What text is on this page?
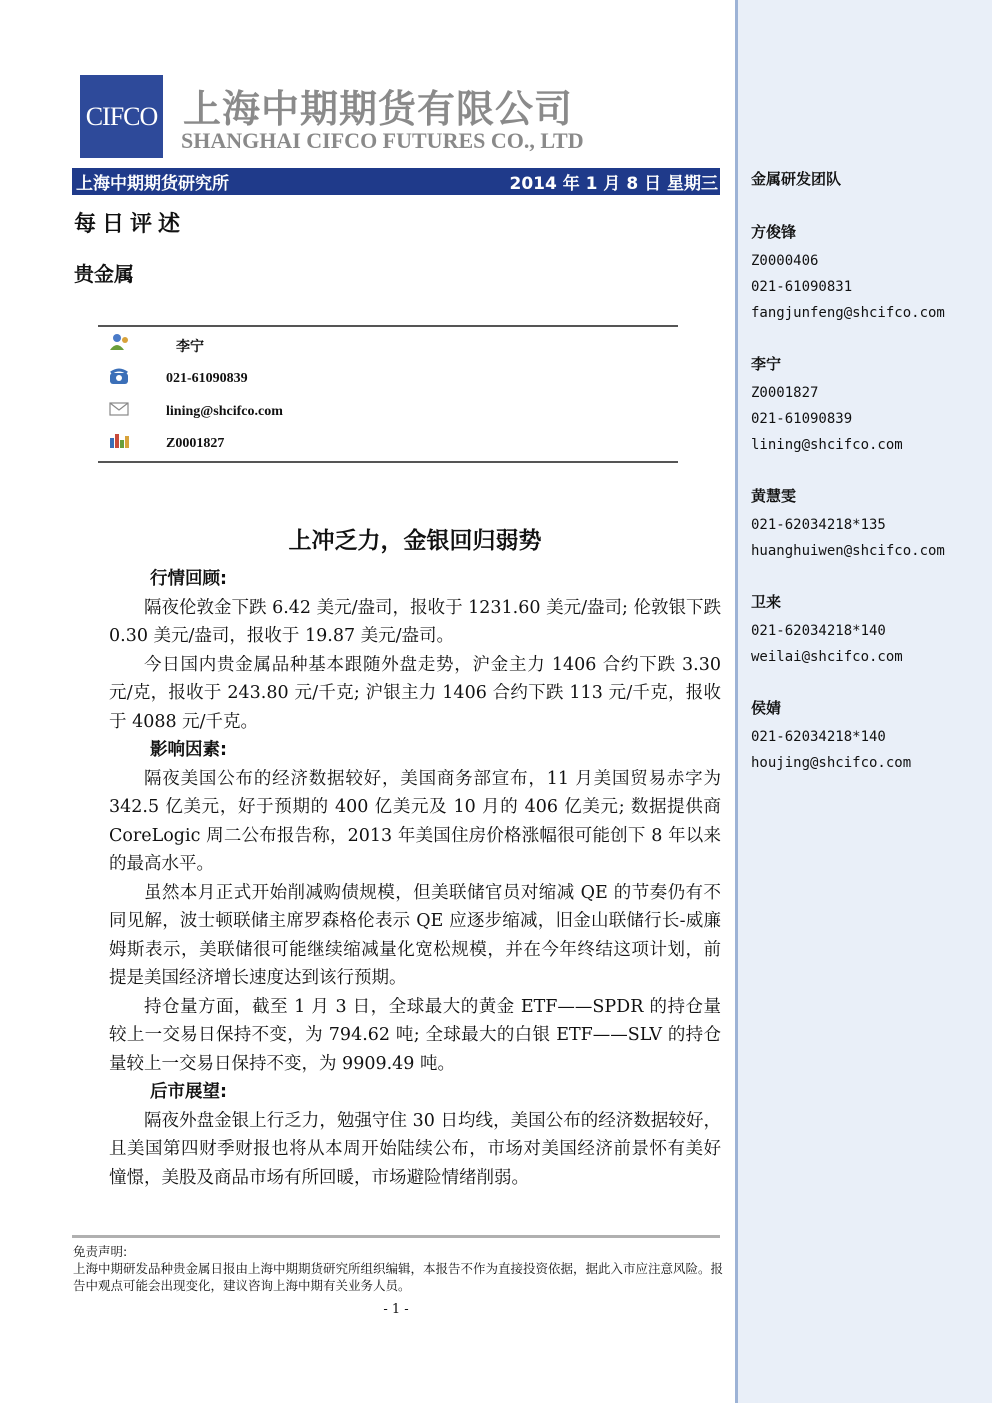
CIFCO 上海中期期货有限公司
SHANGHAI CIFCO FUTURES CO., LTD
上海中期期货研究所	2014 年 1 月 8 日 星期三
每日评述
贵金属
李宁
021-61090839
lining@shcifco.com
Z0001827
上冲乏力，金银回归弱势
行情回顾:

隔夜伦敦金下跌 6.42 美元/盎司，报收于 1231.60 美元/盎司; 伦敦银下跌 0.30 美元/盎司，报收于 19.87 美元/盎司。

今日国内贵金属品种基本跟随外盘走势，沪金主力 1406 合约下跌 3.30 元/克，报收于 243.80 元/千克; 沪银主力 1406 合约下跌 113 元/千克，报收于 4088 元/千克。

影响因素:

隔夜美国公布的经济数据较好，美国商务部宣布，11 月美国贸易赤字为 342.5 亿美元，好于预期的 400 亿美元及 10 月的 406 亿美元; 数据提供商 CoreLogic 周二公布报告称，2013 年美国住房价格涨幅很可能创下 8 年以来的最高水平。

虽然本月正式开始削减购债规模，但美联储官员对缩减 QE 的节奏仍有不同见解，波士顿联储主席罗森格伦表示 QE 应逐步缩减，旧金山联储行长-威廉姆斯表示，美联储很可能继续缩减量化宽松规模，并在今年终结这项计划，前提是美国经济增长速度达到该行预期。

持仓量方面，截至 1 月 3 日，全球最大的黄金 ETF——SPDR 的持仓量较上一交易日保持不变，为 794.62 吨; 全球最大的白银 ETF——SLV 的持仓量较上一交易日保持不变，为 9909.49 吨。

后市展望:

隔夜外盘金银上行乏力，勉强守住 30 日均线，美国公布的经济数据较好，且美国第四财季财报也将从本周开始陆续公布，市场对美国经济前景怀有美好憧憬，美股及商品市场有所回暖，市场避险情绪削弱。

免责声明:
上海中期研发品种贵金属日报由上海中期期货研究所组织编辑，本报告不作为直接投资依据，据此入市应注意风险。报告中观点可能会出现变化，建议咨询上海中期有关业务人员。
- 1 -
金属研发团队
方俊锋
Z0000406
021-61090831
fangjunfeng@shcifco.com
李宁
Z0001827
021-61090839
lining@shcifco.com
黄慧雯
021-62034218*135
huanghuiwen@shcifco.com
卫来
021-62034218*140
weilai@shcifco.com
侯婧
021-62034218*140
houjing@shcifco.com
